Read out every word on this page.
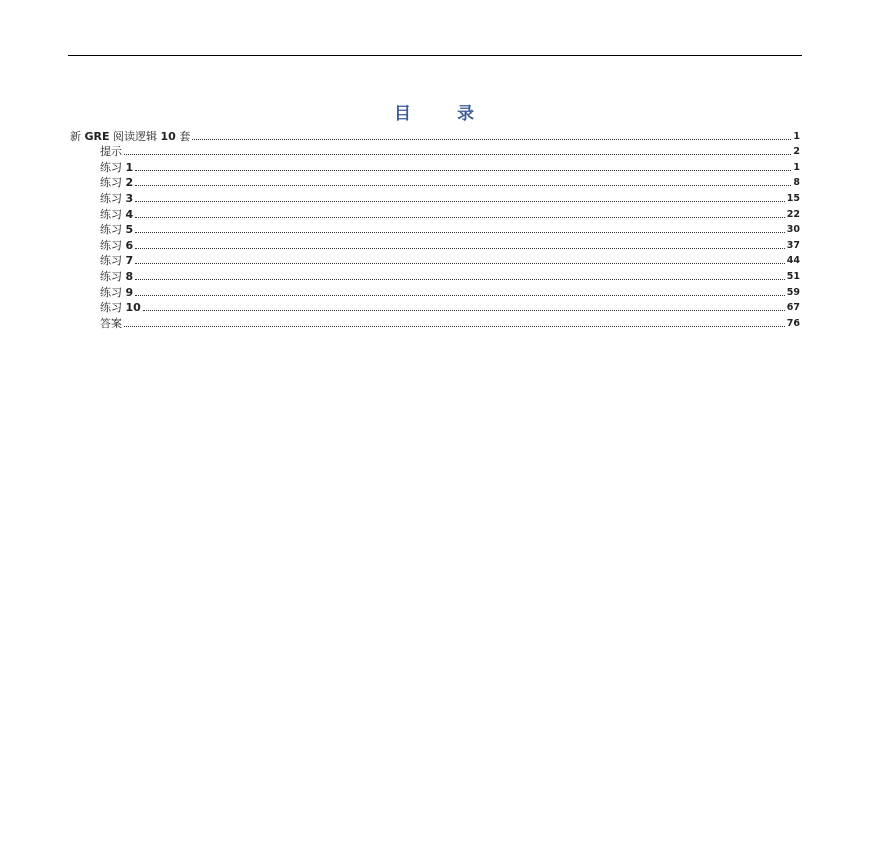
目	录
新 GRE 阅读逻辑 10 套	1
提示	2
练习 1	1
练习 2	8
练习 3	15
练习 4	22
练习 5	30
练习 6	37
练习 7	44
练习 8	51
练习 9	59
练习 10	67
答案	76
